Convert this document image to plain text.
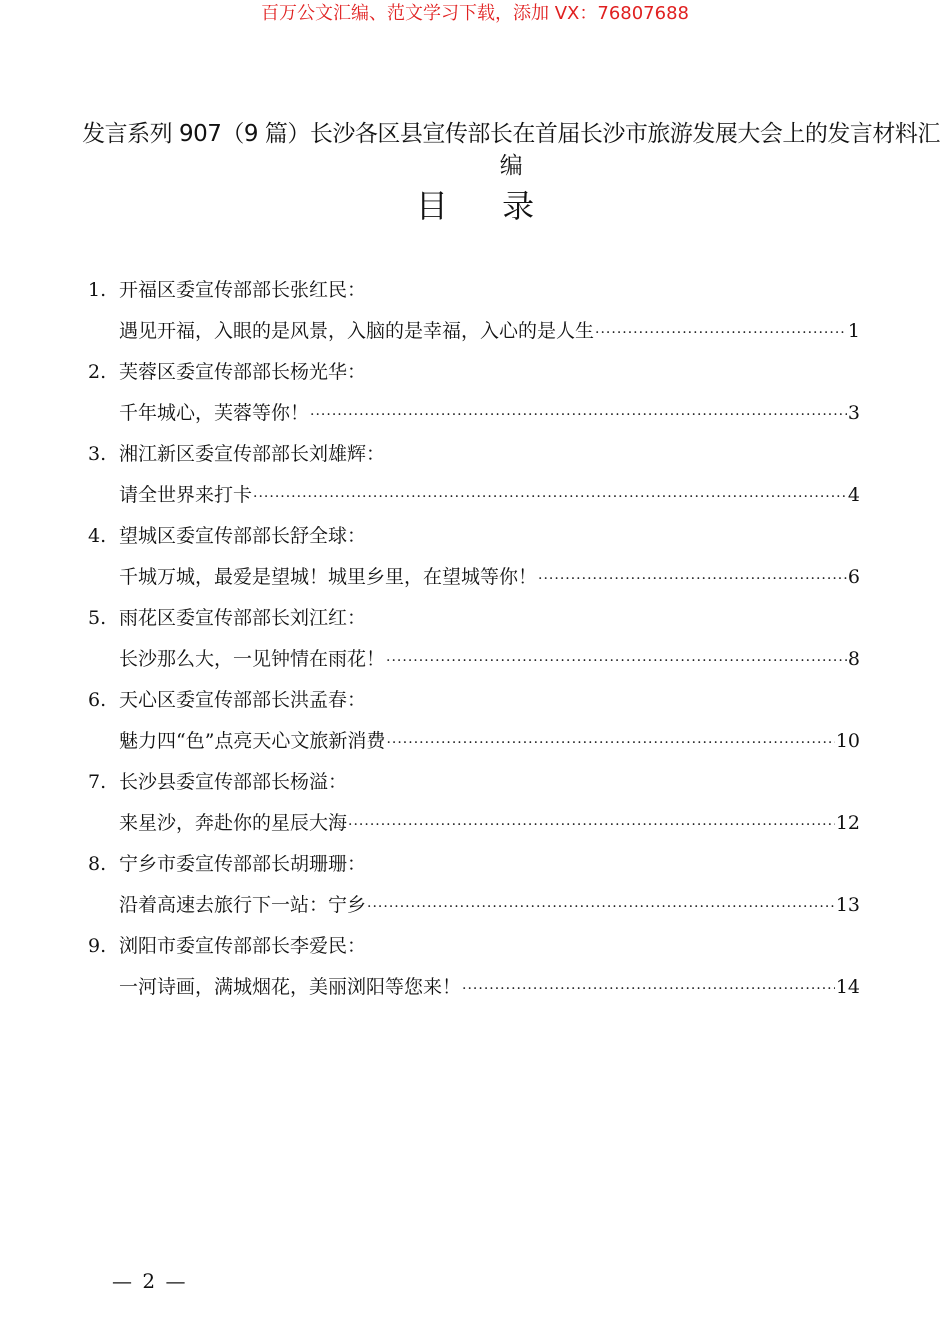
百万公文汇编、范文学习下载，添加 VX：76807688
发言系列 907（9 篇）长沙各区县宣传部长在首届长沙市旅游发展大会上的发言材料汇编
目 录
1. 开福区委宣传部部长张红民：
遇见开福，入眼的是风景，入脑的是幸福，入心的是人生 ·····	1
2. 芙蓉区委宣传部部长杨光华：
千年城心，芙蓉等你！ ·····	3
3. 湘江新区委宣传部部长刘雄辉：
请全世界来打卡 ·····	4
4. 望城区委宣传部部长舒全球：
千城万城，最爱是望城！城里乡里，在望城等你！ ·····	6
5. 雨花区委宣传部部长刘江红：
长沙那么大，一见钟情在雨花！ ·····	8
6. 天心区委宣传部部长洪孟春：
魅力四“色”点亮天心文旅新消费 ·····	10
7. 长沙县委宣传部部长杨溢：
来星沙，奔赴你的星辰大海 ·····	12
8. 宁乡市委宣传部部长胡珊珊：
沿着高速去旅行下一站：宁乡 ·····	13
9. 浏阳市委宣传部部长李爱民：
一河诗画，满城烟花，美丽浏阳等您来！ ·····	14
— 2 —
